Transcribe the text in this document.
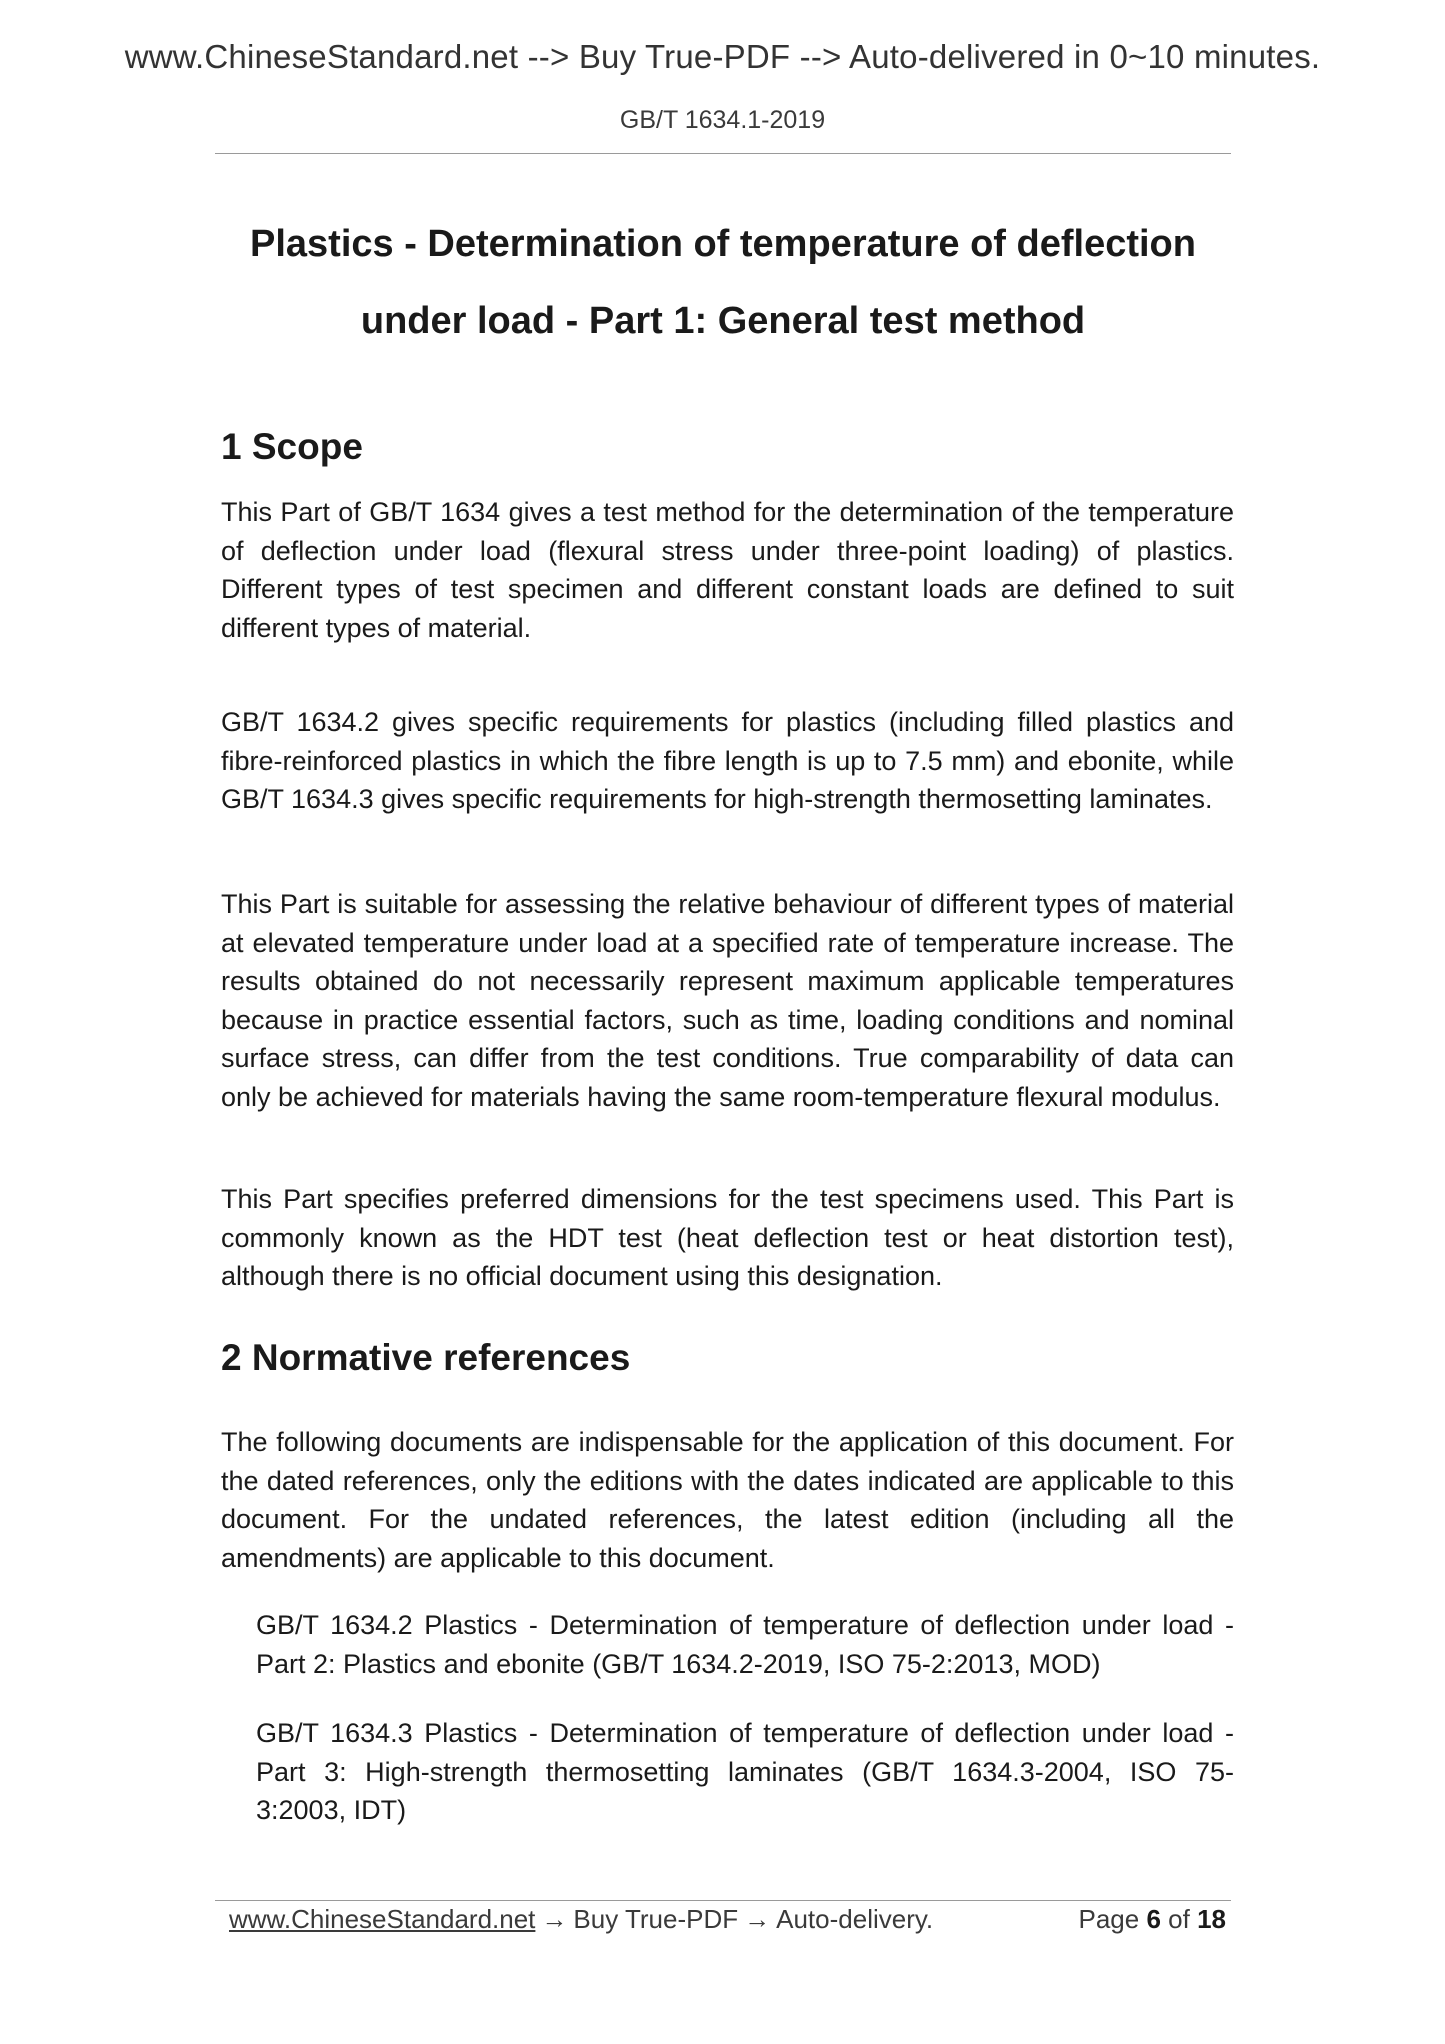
www.ChineseStandard.net --> Buy True-PDF --> Auto-delivered in 0~10 minutes.
GB/T 1634.1-2019
Plastics - Determination of temperature of deflection
under load - Part 1: General test method
1 Scope
This Part of GB/T 1634 gives a test method for the determination of the temperature of deflection under load (flexural stress under three-point loading) of plastics. Different types of test specimen and different constant loads are defined to suit different types of material.
GB/T 1634.2 gives specific requirements for plastics (including filled plastics and fibre-reinforced plastics in which the fibre length is up to 7.5 mm) and ebonite, while GB/T 1634.3 gives specific requirements for high-strength thermosetting laminates.
This Part is suitable for assessing the relative behaviour of different types of material at elevated temperature under load at a specified rate of temperature increase. The results obtained do not necessarily represent maximum applicable temperatures because in practice essential factors, such as time, loading conditions and nominal surface stress, can differ from the test conditions. True comparability of data can only be achieved for materials having the same room-temperature flexural modulus.
This Part specifies preferred dimensions for the test specimens used. This Part is commonly known as the HDT test (heat deflection test or heat distortion test), although there is no official document using this designation.
2 Normative references
The following documents are indispensable for the application of this document. For the dated references, only the editions with the dates indicated are applicable to this document. For the undated references, the latest edition (including all the amendments) are applicable to this document.
GB/T 1634.2 Plastics - Determination of temperature of deflection under load - Part 2: Plastics and ebonite (GB/T 1634.2-2019, ISO 75-2:2013, MOD)
GB/T 1634.3 Plastics - Determination of temperature of deflection under load - Part 3: High-strength thermosetting laminates (GB/T 1634.3-2004, ISO 75-3:2003, IDT)
www.ChineseStandard.net → Buy True-PDF → Auto-delivery.	Page 6 of 18
